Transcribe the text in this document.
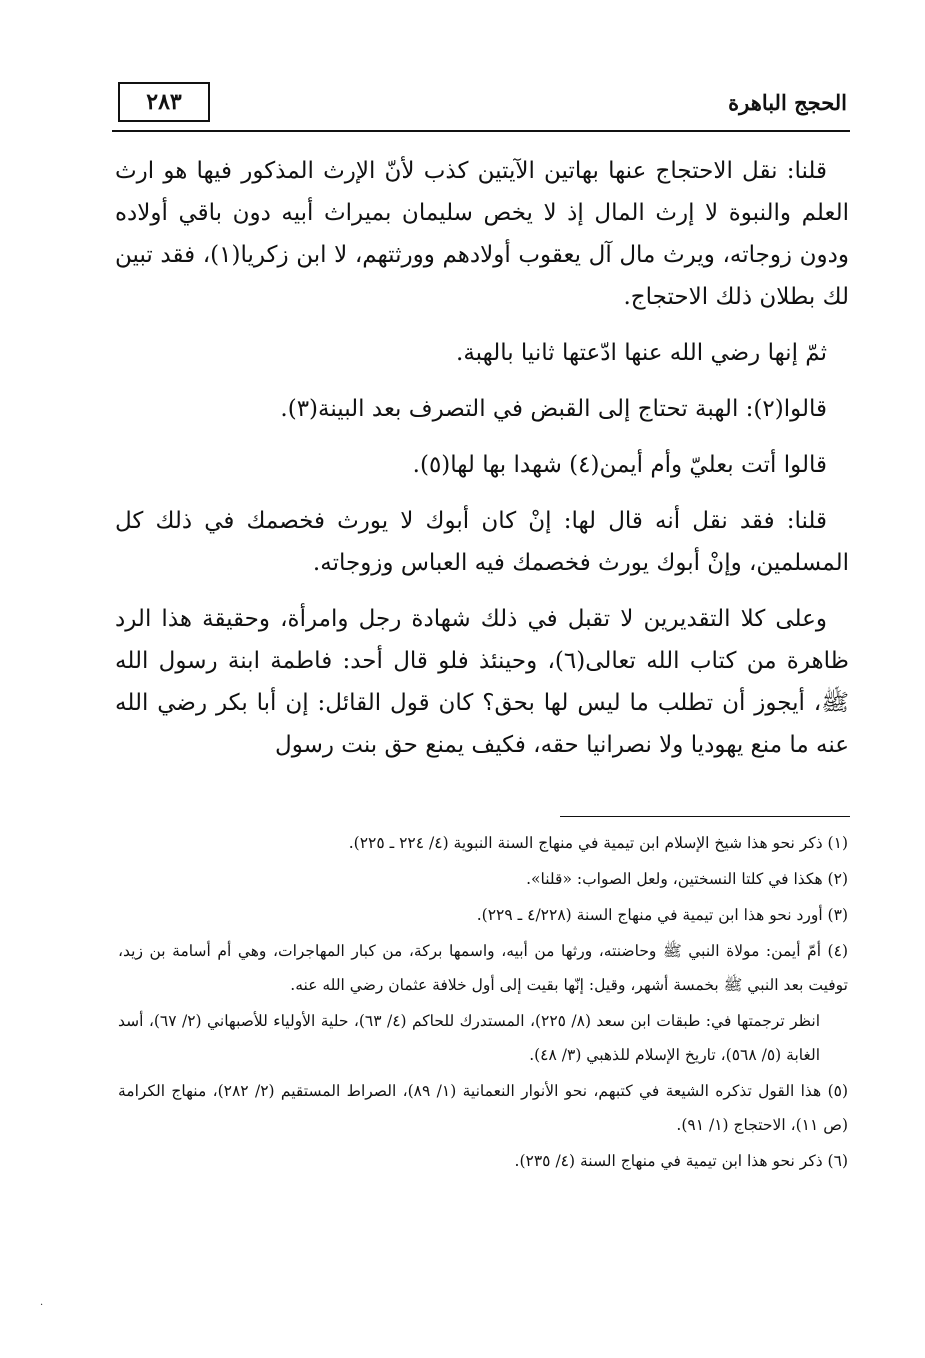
الحجج الباهرة
٢٨٣

قلنا: نقل الاحتجاج عنها بهاتين الآيتين كذب لأنّ الإرث المذكور فيها هو ارث العلم والنبوة لا إرث المال إذ لا يخص سليمان بميراث أبيه دون باقي أولاده ودون زوجاته، ويرث مال آل يعقوب أولادهم وورثتهم، لا ابن زكريا(١)، فقد تبين لك بطلان ذلك الاحتجاج.

ثمّ إنها رضي الله عنها ادّعتها ثانيا بالهبة.

قالوا(٢): الهبة تحتاج إلى القبض في التصرف بعد البينة(٣).

قالوا أتت بعليّ وأم أيمن(٤) شهدا بها لها(٥).

قلنا: فقد نقل أنه قال لها: إنْ كان أبوك لا يورث فخصمك في ذلك كل المسلمين، وإنْ أبوك يورث فخصمك فيه العباس وزوجاته.

وعلى كلا التقديرين لا تقبل في ذلك شهادة رجل وامرأة، وحقيقة هذا الرد ظاهرة من كتاب الله تعالى(٦)، وحينئذ فلو قال أحد: فاطمة ابنة رسول الله ﷺ، أيجوز أن تطلب ما ليس لها بحق؟ كان قول القائل: إن أبا بكر رضي الله عنه ما منع يهوديا ولا نصرانيا حقه، فكيف يمنع حق بنت رسول

(١) ذكر نحو هذا شيخ الإسلام ابن تيمية في منهاج السنة النبوية (٤/ ٢٢٤ ـ ٢٢٥).
(٢) هكذا في كلتا النسختين، ولعل الصواب: «قلنا».
(٣) أورد نحو هذا ابن تيمية في منهاج السنة (٤/٢٢٨ ـ ٢٢٩).
(٤) أمّ أيمن: مولاة النبي ﷺ وحاضنته، ورثها من أبيه، واسمها بركة، من كبار المهاجرات، وهي أم أسامة بن زيد، توفيت بعد النبي ﷺ بخمسة أشهر، وقيل: إنّها بقيت إلى أول خلافة عثمان رضي الله عنه.
انظر ترجمتها في: طبقات ابن سعد (٨/ ٢٢٥)، المستدرك للحاكم (٤/ ٦٣)، حلية الأولياء للأصبهاني (٢/ ٦٧)، أسد الغابة (٥/ ٥٦٨)، تاريخ الإسلام للذهبي (٣/ ٤٨).
(٥) هذا القول تذكره الشيعة في كتبهم، نحو الأنوار النعمانية (١/ ٨٩)، الصراط المستقيم (٢/ ٢٨٢)، منهاج الكرامة (ص ١١)، الاحتجاج (١/ ٩١).
(٦) ذكر نحو هذا ابن تيمية في منهاج السنة (٤/ ٢٣٥).
·
